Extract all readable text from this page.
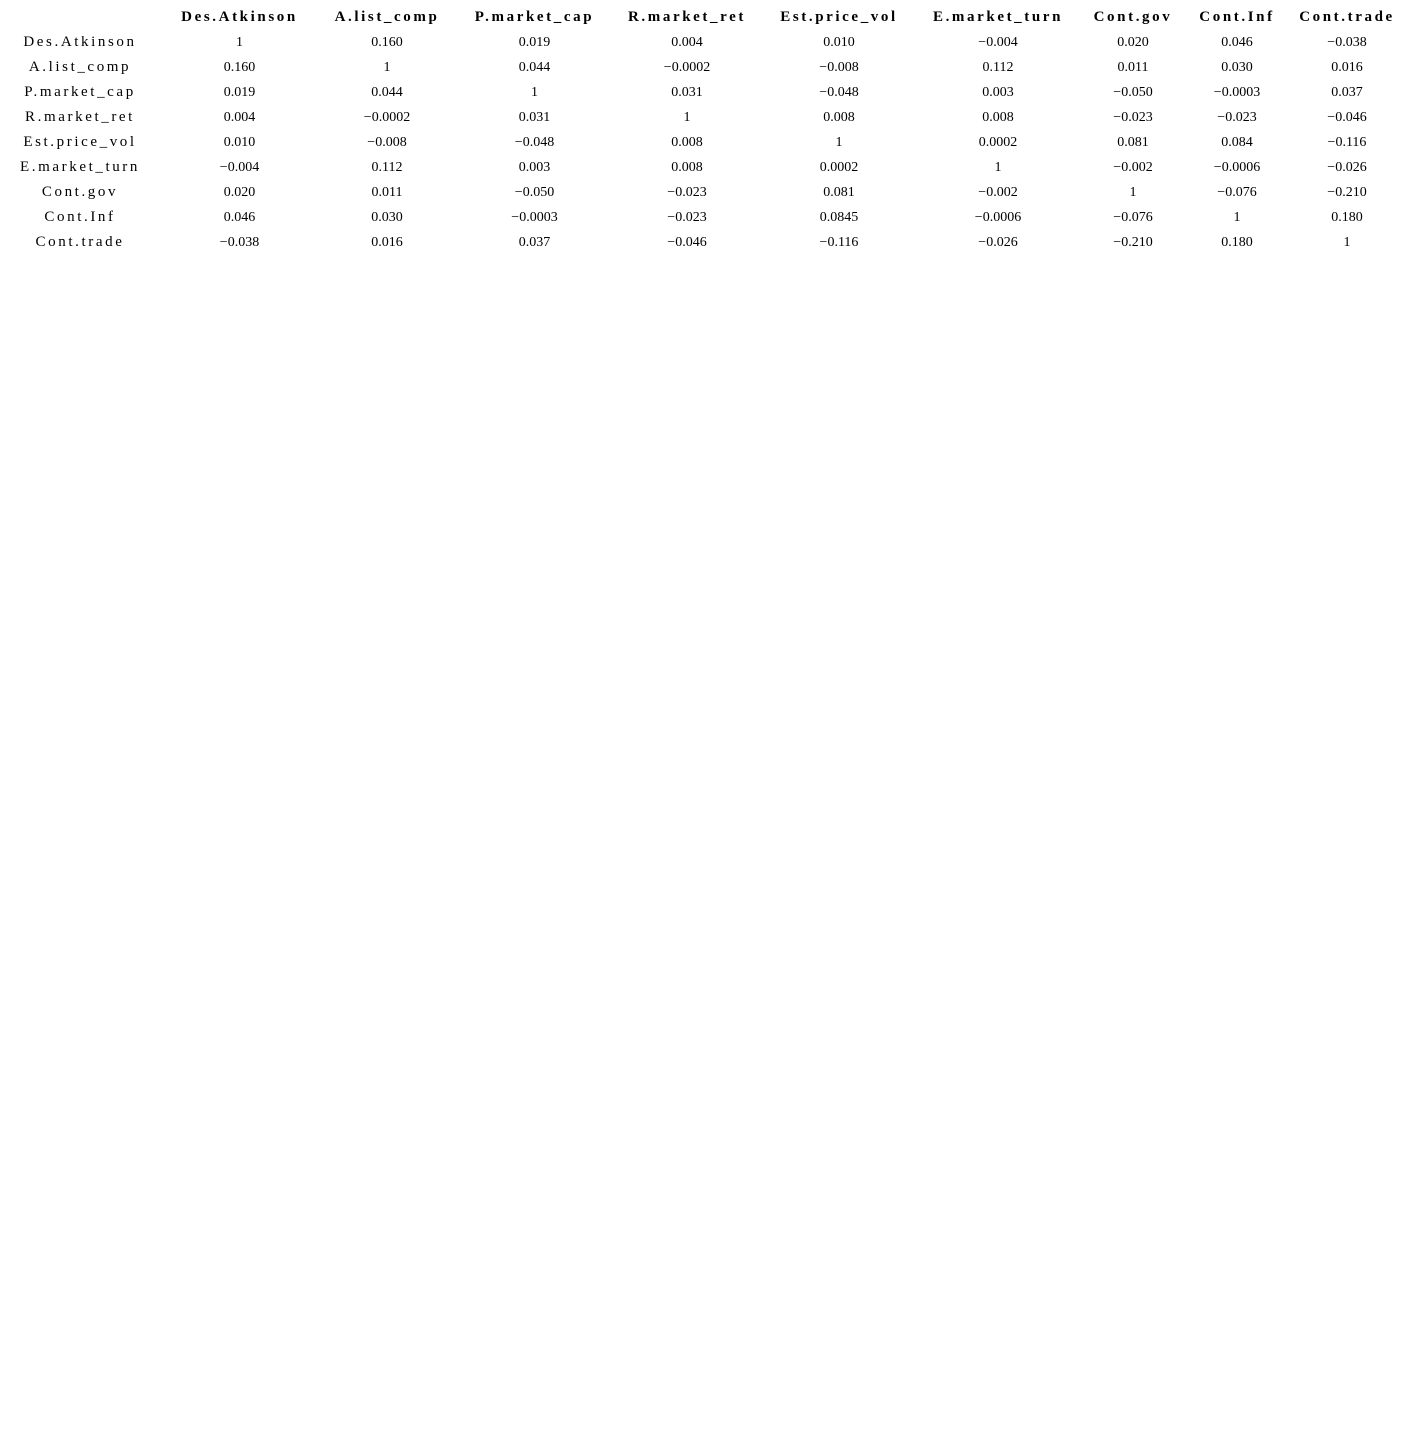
	Des.Atkinson	A.list_comp	P.market_cap	R.market_ret	Est.price_vol	E.market_turn	Cont.gov	Cont.Inf	Cont.trade
Des.Atkinson	1	0.160	0.019	0.004	0.010	−0.004	0.020	0.046	−0.038
A.list_comp	0.160	1	0.044	−0.0002	−0.008	0.112	0.011	0.030	0.016
P.market_cap	0.019	0.044	1	0.031	−0.048	0.003	−0.050	−0.0003	0.037
R.market_ret	0.004	−0.0002	0.031	1	0.008	0.008	−0.023	−0.023	−0.046
Est.price_vol	0.010	−0.008	−0.048	0.008	1	0.0002	0.081	0.084	−0.116
E.market_turn	−0.004	0.112	0.003	0.008	0.0002	1	−0.002	−0.0006	−0.026
Cont.gov	0.020	0.011	−0.050	−0.023	0.081	−0.002	1	−0.076	−0.210
Cont.Inf	0.046	0.030	−0.0003	−0.023	0.0845	−0.0006	−0.076	1	0.180
Cont.trade	−0.038	0.016	0.037	−0.046	−0.116	−0.026	−0.210	0.180	1
